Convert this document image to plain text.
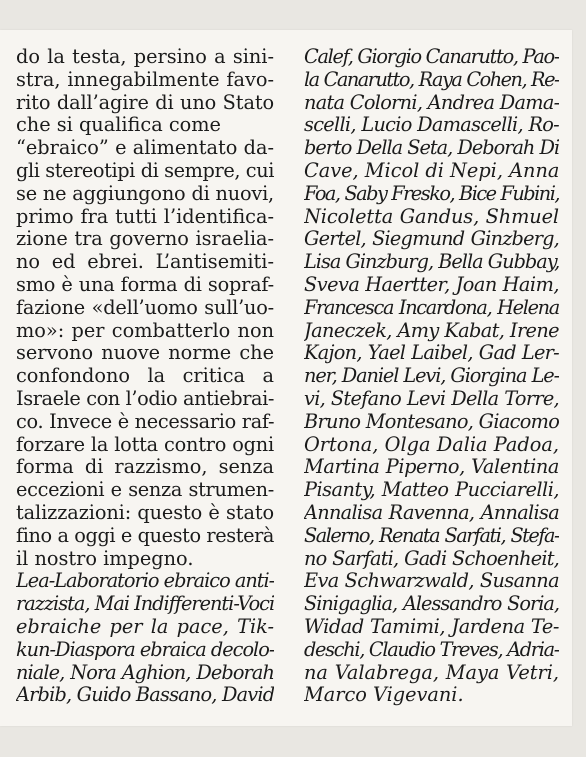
do la testa, persino a sini-
stra, innegabilmente favo-
rito dall’agire di uno Stato
che si qualifica come
“ebraico” e alimentato da-
gli stereotipi di sempre, cui
se ne aggiungono di nuovi,
primo fra tutti l’identifica-
zione tra governo israelia-
no ed ebrei. L’antisemiti-
smo è una forma di sopraf-
fazione «dell’uomo sull’uo-
mo»: per combatterlo non
servono nuove norme che
confondono la critica a
Israele con l’odio antiebrai-
co. Invece è necessario raf-
forzare la lotta contro ogni
forma di razzismo, senza
eccezioni e senza strumen-
talizzazioni: questo è stato
fino a oggi e questo resterà
il nostro impegno.
Lea-Laboratorio ebraico anti-
razzista, Mai Indifferenti-Voci
ebraiche per la pace, Tik-
kun-Diaspora ebraica decolo-
niale, Nora Aghion, Deborah
Arbib, Guido Bassano, David
Calef, Giorgio Canarutto, Pao-
la Canarutto, Raya Cohen, Re-
nata Colorni, Andrea Dama-
scelli, Lucio Damascelli, Ro-
berto Della Seta, Deborah Di
Cave, Micol di Nepi, Anna
Foa, Saby Fresko, Bice Fubini,
Nicoletta Gandus, Shmuel
Gertel, Siegmund Ginzberg,
Lisa Ginzburg, Bella Gubbay,
Sveva Haertter, Joan Haim,
Francesca Incardona, Helena
Janeczek, Amy Kabat, Irene
Kajon, Yael Laibel, Gad Ler-
ner, Daniel Levi, Giorgina Le-
vi, Stefano Levi Della Torre,
Bruno Montesano, Giacomo
Ortona, Olga Dalia Padoa,
Martina Piperno, Valentina
Pisanty, Matteo Pucciarelli,
Annalisa Ravenna, Annalisa
Salerno, Renata Sarfati, Stefa-
no Sarfati, Gadi Schoenheit,
Eva Schwarzwald, Susanna
Sinigaglia, Alessandro Soria,
Widad Tamimi, Jardena Te-
deschi, Claudio Treves, Adria-
na Valabrega, Maya Vetri,
Marco Vigevani.
